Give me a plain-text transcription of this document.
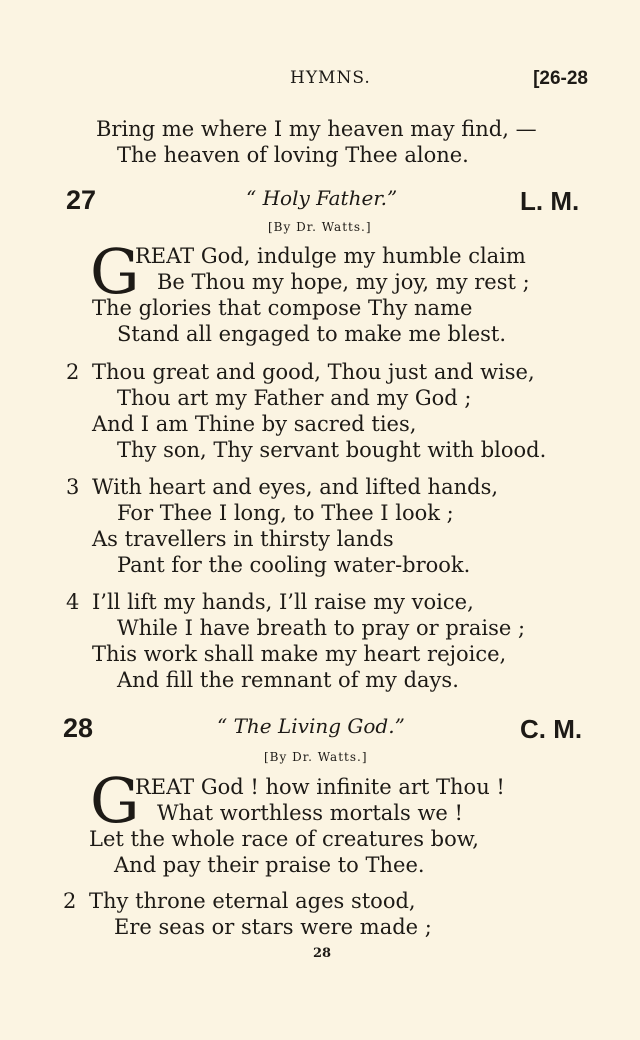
HYMNS.	[26-28
Bring me where I my heaven may find, —
The heaven of loving Thee alone.
27	“ Holy Father.”	L. M.
[By Dr. Watts.]
G
REAT God, indulge my humble claim
Be Thou my hope, my joy, my rest ;
The glories that compose Thy name
Stand all engaged to make me blest.
2 Thou great and good, Thou just and wise,
Thou art my Father and my God ;
And I am Thine by sacred ties,
Thy son, Thy servant bought with blood.
3 With heart and eyes, and lifted hands,
For Thee I long, to Thee I look ;
As travellers in thirsty lands
Pant for the cooling water-brook.
4 I’ll lift my hands, I’ll raise my voice,
While I have breath to pray or praise ;
This work shall make my heart rejoice,
And fill the remnant of my days.
28	“ The Living God.”	C. M.
[By Dr. Watts.]
G
REAT God ! how infinite art Thou !
What worthless mortals we !
Let the whole race of creatures bow,
And pay their praise to Thee.
2 Thy throne eternal ages stood,
Ere seas or stars were made ;
28
